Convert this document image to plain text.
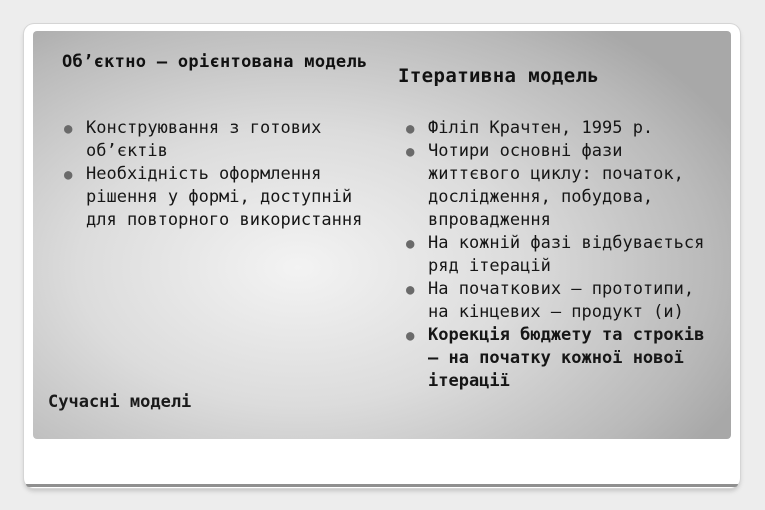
Об’єктно – орієнтована модель
Ітеративна модель
● Конструювання з готових об’єктів
● Необхідність оформлення рішення у формі, доступній для повторного використання
● Філіп Крачтен, 1995 р.
● Чотири основні фази життєвого циклу: початок, дослідження, побудова, впровадження
● На кожній фазі відбувається ряд ітерацій
● На початкових – прототипи, на кінцевих – продукт (и)
● Корекція бюджету та строків – на початку кожної нової ітерації
Сучасні моделі
